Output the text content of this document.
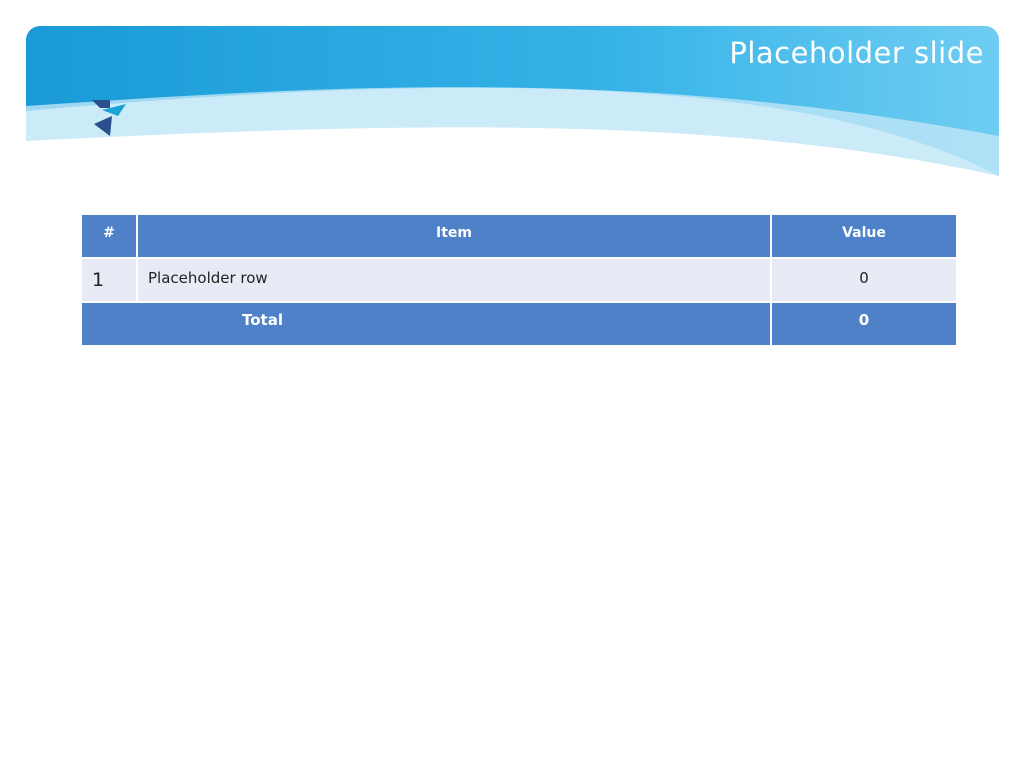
Placeholder slide
#	Item	Value
1	Placeholder row	0
Total		0
